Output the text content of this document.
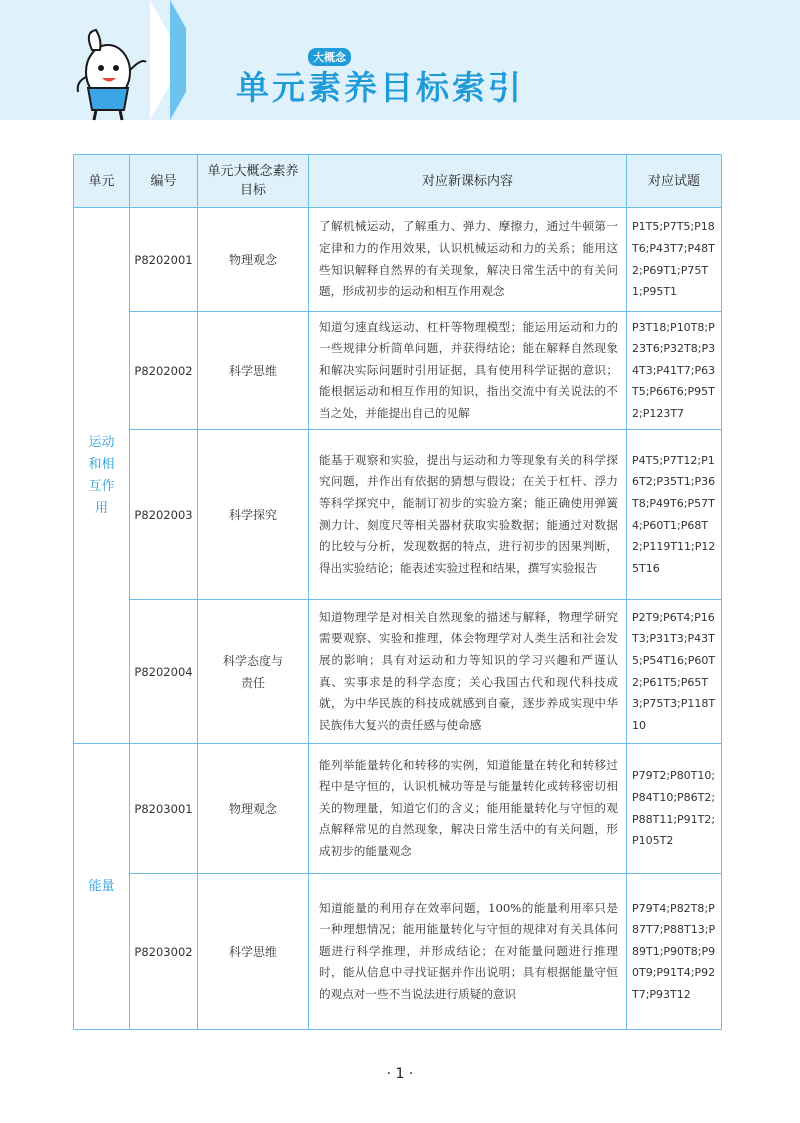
大概念
单元素养目标索引
单元	编号	单元大概念素养目标	对应新课标内容	对应试题
运动和相互作用	P8202001	物理观念	了解机械运动，了解重力、弹力、摩擦力，通过牛顿第一定律和力的作用效果，认识机械运动和力的关系；能用这些知识解释自然界的有关现象，解决日常生活中的有关问题，形成初步的运动和相互作用观念	P1T5;P7T5;P18T6;P43T7;P48T2;P69T1;P75T1;P95T1
	P8202002	科学思维	知道匀速直线运动、杠杆等物理模型；能运用运动和力的一些规律分析简单问题，并获得结论；能在解释自然现象和解决实际问题时引用证据，具有使用科学证据的意识；能根据运动和相互作用的知识，指出交流中有关说法的不当之处，并能提出自己的见解	P3T18;P10T8;P23T6;P32T8;P34T3;P41T7;P63T5;P66T6;P95T2;P123T7
	P8202003	科学探究	能基于观察和实验，提出与运动和力等现象有关的科学探究问题，并作出有依据的猜想与假设；在关于杠杆、浮力等科学探究中，能制订初步的实验方案；能正确使用弹簧测力计、刻度尺等相关器材获取实验数据；能通过对数据的比较与分析，发现数据的特点，进行初步的因果判断，得出实验结论；能表述实验过程和结果，撰写实验报告	P4T5;P7T12;P16T2;P35T1;P36T8;P49T6;P57T4;P60T1;P68T2;P119T11;P125T16
	P8202004	科学态度与责任	知道物理学是对相关自然现象的描述与解释，物理学研究需要观察、实验和推理，体会物理学对人类生活和社会发展的影响；具有对运动和力等知识的学习兴趣和严谨认真、实事求是的科学态度；关心我国古代和现代科技成就，为中华民族的科技成就感到自豪，逐步养成实现中华民族伟大复兴的责任感与使命感	P2T9;P6T4;P16T3;P31T3;P43T5;P54T16;P60T2;P61T5;P65T3;P75T3;P118T10
能量	P8203001	物理观念	能列举能量转化和转移的实例，知道能量在转化和转移过程中是守恒的，认识机械功等是与能量转化或转移密切相关的物理量，知道它们的含义；能用能量转化与守恒的观点解释常见的自然现象，解决日常生活中的有关问题，形成初步的能量观念	P79T2;P80T10;P84T10;P86T2;P88T11;P91T2;P105T2
	P8203002	科学思维	知道能量的利用存在效率问题，100%的能量利用率只是一种理想情况；能用能量转化与守恒的规律对有关具体问题进行科学推理，并形成结论；在对能量问题进行推理时，能从信息中寻找证据并作出说明；具有根据能量守恒的观点对一些不当说法进行质疑的意识	P79T4;P82T8;P87T7;P88T13;P89T1;P90T8;P90T9;P91T4;P92T7;P93T12
· 1 ·
